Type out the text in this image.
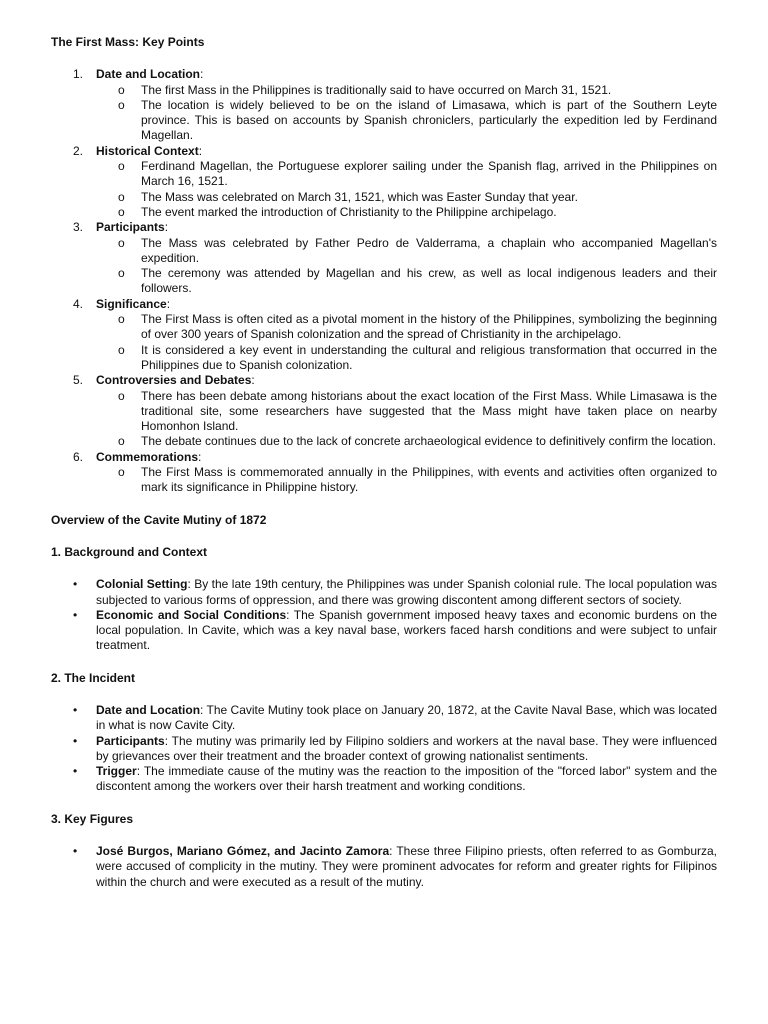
The First Mass: Key Points
1. Date and Location:
o The first Mass in the Philippines is traditionally said to have occurred on March 31, 1521.
o The location is widely believed to be on the island of Limasawa, which is part of the Southern Leyte province. This is based on accounts by Spanish chroniclers, particularly the expedition led by Ferdinand Magellan.
2. Historical Context:
o Ferdinand Magellan, the Portuguese explorer sailing under the Spanish flag, arrived in the Philippines on March 16, 1521.
o The Mass was celebrated on March 31, 1521, which was Easter Sunday that year.
o The event marked the introduction of Christianity to the Philippine archipelago.
3. Participants:
o The Mass was celebrated by Father Pedro de Valderrama, a chaplain who accompanied Magellan's expedition.
o The ceremony was attended by Magellan and his crew, as well as local indigenous leaders and their followers.
4. Significance:
o The First Mass is often cited as a pivotal moment in the history of the Philippines, symbolizing the beginning of over 300 years of Spanish colonization and the spread of Christianity in the archipelago.
o It is considered a key event in understanding the cultural and religious transformation that occurred in the Philippines due to Spanish colonization.
5. Controversies and Debates:
o There has been debate among historians about the exact location of the First Mass. While Limasawa is the traditional site, some researchers have suggested that the Mass might have taken place on nearby Homonhon Island.
o The debate continues due to the lack of concrete archaeological evidence to definitively confirm the location.
6. Commemorations:
o The First Mass is commemorated annually in the Philippines, with events and activities often organized to mark its significance in Philippine history.
Overview of the Cavite Mutiny of 1872
1. Background and Context
• Colonial Setting: By the late 19th century, the Philippines was under Spanish colonial rule. The local population was subjected to various forms of oppression, and there was growing discontent among different sectors of society.
• Economic and Social Conditions: The Spanish government imposed heavy taxes and economic burdens on the local population. In Cavite, which was a key naval base, workers faced harsh conditions and were subject to unfair treatment.
2. The Incident
• Date and Location: The Cavite Mutiny took place on January 20, 1872, at the Cavite Naval Base, which was located in what is now Cavite City.
• Participants: The mutiny was primarily led by Filipino soldiers and workers at the naval base. They were influenced by grievances over their treatment and the broader context of growing nationalist sentiments.
• Trigger: The immediate cause of the mutiny was the reaction to the imposition of the "forced labor" system and the discontent among the workers over their harsh treatment and working conditions.
3. Key Figures
• José Burgos, Mariano Gómez, and Jacinto Zamora: These three Filipino priests, often referred to as Gomburza, were accused of complicity in the mutiny. They were prominent advocates for reform and greater rights for Filipinos within the church and were executed as a result of the mutiny.
